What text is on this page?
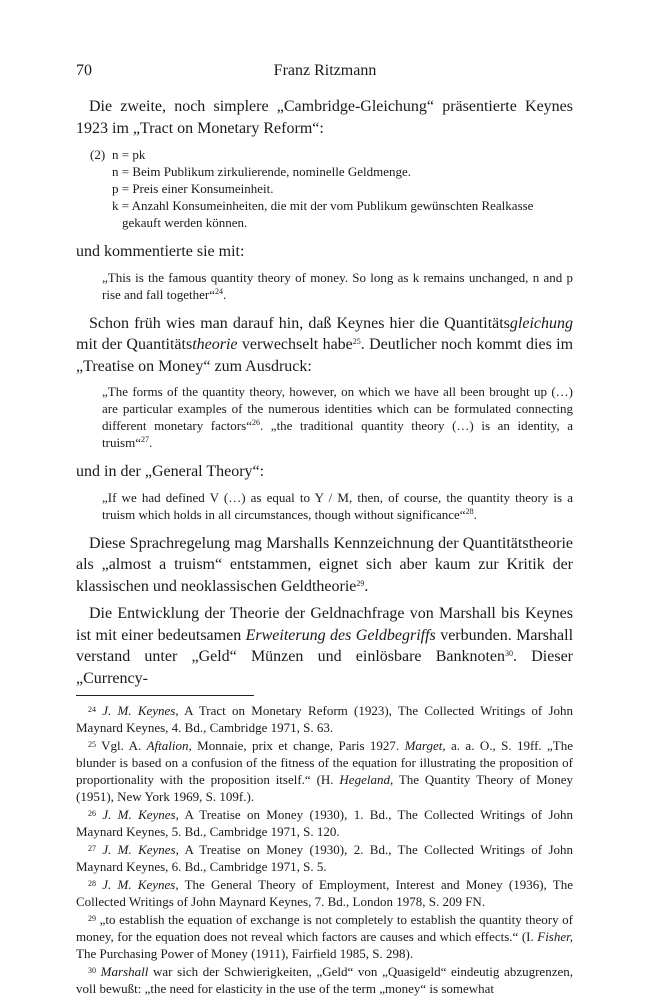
70	Franz Ritzmann

Die zweite, noch simplere „Cambridge-Gleichung“ präsentierte Keynes 1923 im „Tract on Monetary Reform“:

(2) n = pk
n = Beim Publikum zirkulierende, nominelle Geldmenge.
p = Preis einer Konsumeinheit.
k = Anzahl Konsumeinheiten, die mit der vom Publikum gewünschten Realkasse gekauft werden können.

und kommentierte sie mit:

„This is the famous quantity theory of money. So long as k remains unchanged, n and p rise and fall together“$^{24}$.

Schon früh wies man darauf hin, daß Keynes hier die Quantitätsgleichung mit der Quantitätstheorie verwechselt habe$^{25}$. Deutlicher noch kommt dies im „Treatise on Money“ zum Ausdruck:

„The forms of the quantity theory, however, on which we have all been brought up (…) are particular examples of the numerous identities which can be formulated connecting different monetary factors“$^{26}$. „the traditional quantity theory (…) is an identity, a truism“$^{27}$.

und in der „General Theory“:

„If we had defined V (…) as equal to Y / M, then, of course, the quantity theory is a truism which holds in all circumstances, though without significance“$^{28}$.

Diese Sprachregelung mag Marshalls Kennzeichnung der Quantitätstheorie als „almost a truism“ entstammen, eignet sich aber kaum zur Kritik der klassischen und neoklassischen Geldtheorie$^{29}$.

Die Entwicklung der Theorie der Geldnachfrage von Marshall bis Keynes ist mit einer bedeutsamen Erweiterung des Geldbegriffs verbunden. Marshall verstand unter „Geld“ Münzen und einlösbare Banknoten$^{30}$. Dieser „Currency-

$^{24}$ J. M. Keynes, A Tract on Monetary Reform (1923), The Collected Writings of John Maynard Keynes, 4. Bd., Cambridge 1971, S. 63.

$^{25}$ Vgl. A. Aftalion, Monnaie, prix et change, Paris 1927. Marget, a. a. O., S. 19ff. „The blunder is based on a confusion of the fitness of the equation for illustrating the proposition of proportionality with the proposition itself.“ (H. Hegeland, The Quantity Theory of Money (1951), New York 1969, S. 109f.).

$^{26}$ J. M. Keynes, A Treatise on Money (1930), 1. Bd., The Collected Writings of John Maynard Keynes, 5. Bd., Cambridge 1971, S. 120.

$^{27}$ J. M. Keynes, A Treatise on Money (1930), 2. Bd., The Collected Writings of John Maynard Keynes, 6. Bd., Cambridge 1971, S. 5.

$^{28}$ J. M. Keynes, The General Theory of Employment, Interest and Money (1936), The Collected Writings of John Maynard Keynes, 7. Bd., London 1978, S. 209 FN.

$^{29}$ „to establish the equation of exchange is not completely to establish the quantity theory of money, for the equation does not reveal which factors are causes and which effects.“ (I. Fisher, The Purchasing Power of Money (1911), Fairfield 1985, S. 298).

$^{30}$ Marshall war sich der Schwierigkeiten, „Geld“ von „Quasigeld“ eindeutig abzugrenzen, voll bewußt: „the need for elasticity in the use of the term „money“ is somewhat
